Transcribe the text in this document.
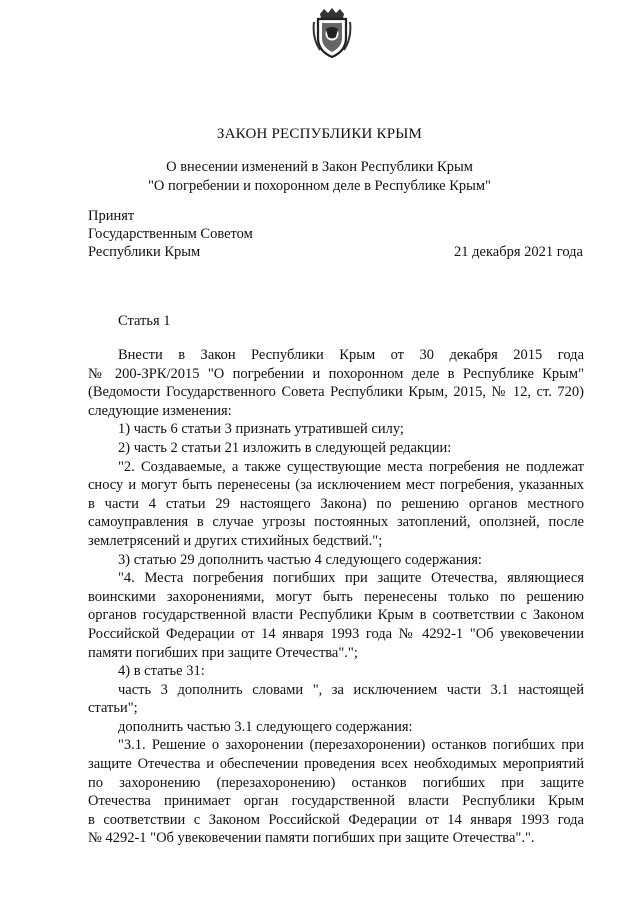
ЗАКОН РЕСПУБЛИКИ КРЫМ
О внесении изменений в Закон Республики Крым
"О погребении и похоронном деле в Республике Крым"
Принят
Государственным Советом
Республики Крым	21 декабря 2021 года
Статья 1
Внести в Закон Республики Крым от 30 декабря 2015 года
№ 200-ЗРК/2015 "О погребении и похоронном деле в Республике Крым"
(Ведомости Государственного Совета Республики Крым, 2015, № 12, ст. 720)
следующие изменения:
1) часть 6 статьи 3 признать утратившей силу;
2) часть 2 статьи 21 изложить в следующей редакции:
"2. Создаваемые, а также существующие места погребения не подлежат
сносу и могут быть перенесены (за исключением мест погребения, указанных
в части 4 статьи 29 настоящего Закона) по решению органов местного
самоуправления в случае угрозы постоянных затоплений, оползней, после
землетрясений и других стихийных бедствий.";
3) статью 29 дополнить частью 4 следующего содержания:
"4. Места погребения погибших при защите Отечества, являющиеся
воинскими захоронениями, могут быть перенесены только по решению
органов государственной власти Республики Крым в соответствии с Законом
Российской Федерации от 14 января 1993 года № 4292-1 "Об увековечении
памяти погибших при защите Отечества".";
4) в статье 31:
часть 3 дополнить словами ", за исключением части 3.1 настоящей
статьи";
дополнить частью 3.1 следующего содержания:
"3.1. Решение о захоронении (перезахоронении) останков погибших при
защите Отечества и обеспечении проведения всех необходимых мероприятий
по захоронению (перезахоронению) останков погибших при защите
Отечества принимает орган государственной власти Республики Крым
в соответствии с Законом Российской Федерации от 14 января 1993 года
№ 4292-1 "Об увековечении памяти погибших при защите Отечества".".
